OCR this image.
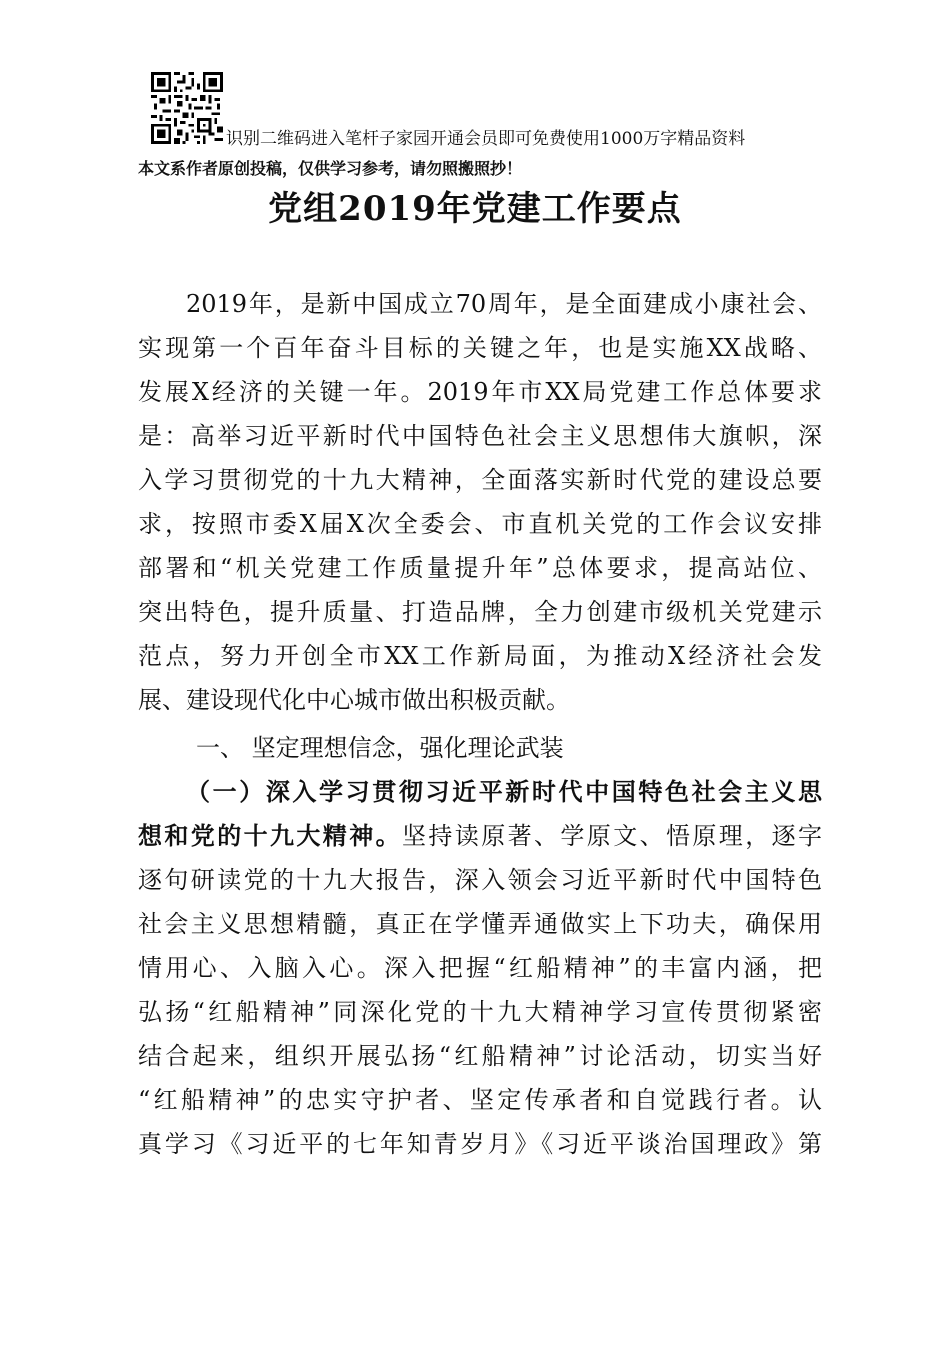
识别二维码进入笔杆子家园开通会员即可免费使用1000万字精品资料
本文系作者原创投稿，仅供学习参考，请勿照搬照抄！
党组2019年党建工作要点
2019年，是新中国成立70周年，是全面建成小康社会、
实现第一个百年奋斗目标的关键之年，也是实施XX战略、
发展X经济的关键一年。2019年市XX局党建工作总体要求
是：高举习近平新时代中国特色社会主义思想伟大旗帜，深
入学习贯彻党的十九大精神，全面落实新时代党的建设总要
求，按照市委X届X次全委会、市直机关党的工作会议安排
部署和“机关党建工作质量提升年”总体要求，提高站位、
突出特色，提升质量、打造品牌，全力创建市级机关党建示
范点，努力开创全市XX工作新局面，为推动X经济社会发
展、建设现代化中心城市做出积极贡献。
一、 坚定理想信念，强化理论武装
（一）深入学习贯彻习近平新时代中国特色社会主义思
想和党的十九大精神。坚持读原著、学原文、悟原理，逐字
逐句研读党的十九大报告，深入领会习近平新时代中国特色
社会主义思想精髓，真正在学懂弄通做实上下功夫，确保用
情用心、入脑入心。深入把握“红船精神”的丰富内涵，把
弘扬“红船精神”同深化党的十九大精神学习宣传贯彻紧密
结合起来，组织开展弘扬“红船精神”讨论活动，切实当好
“红船精神”的忠实守护者、坚定传承者和自觉践行者。认
真学习《习近平的七年知青岁月》《习近平谈治国理政》第
